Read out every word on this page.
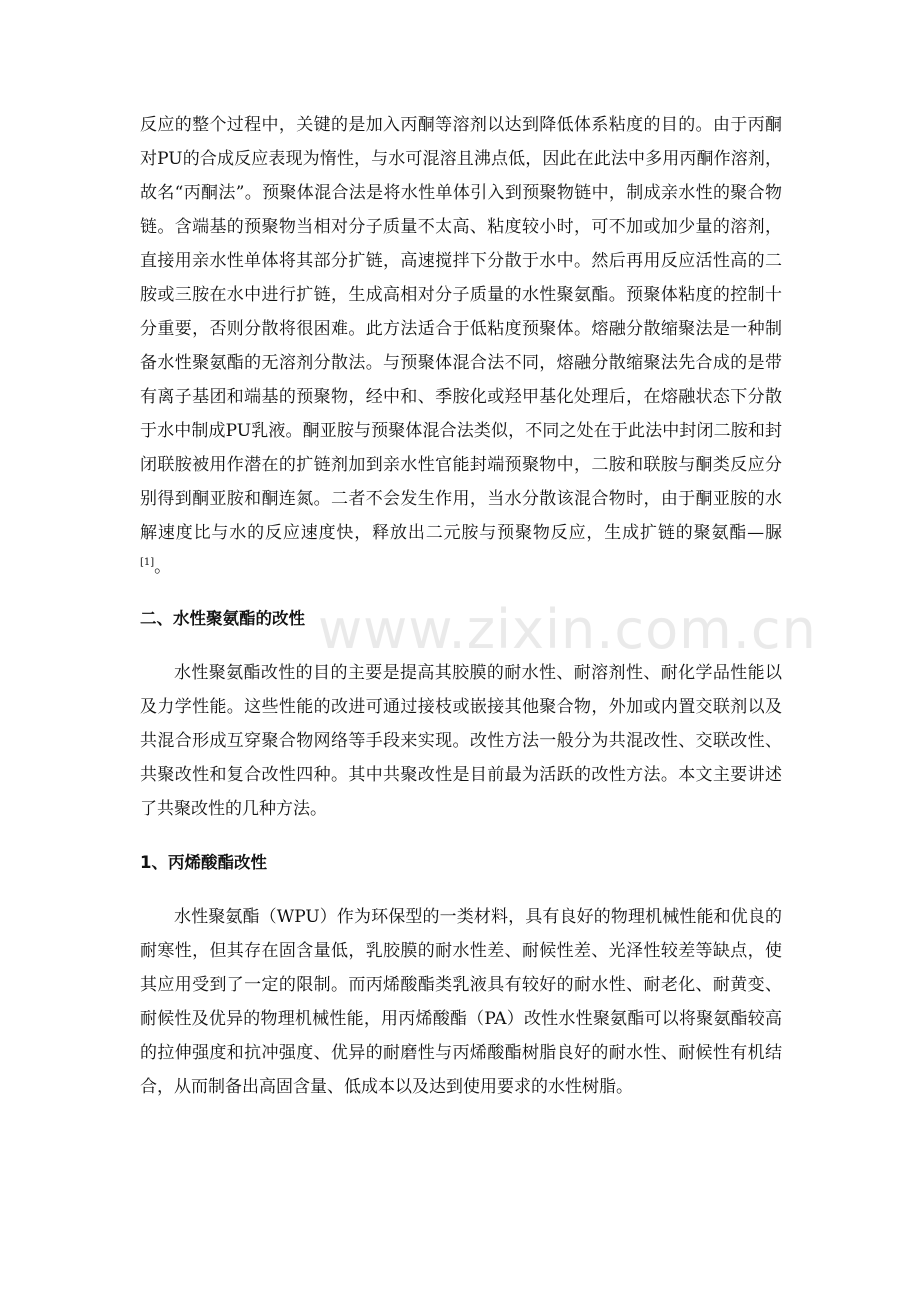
反应的整个过程中，关键的是加入丙酮等溶剂以达到降低体系粘度的目的。由于丙酮对PU的合成反应表现为惰性，与水可混溶且沸点低，因此在此法中多用丙酮作溶剂，故名“丙酮法”。预聚体混合法是将水性单体引入到预聚物链中，制成亲水性的聚合物链。含端基的预聚物当相对分子质量不太高、粘度较小时，可不加或加少量的溶剂，直接用亲水性单体将其部分扩链，高速搅拌下分散于水中。然后再用反应活性高的二胺或三胺在水中进行扩链，生成高相对分子质量的水性聚氨酯。预聚体粘度的控制十分重要，否则分散将很困难。此方法适合于低粘度预聚体。熔融分散缩聚法是一种制备水性聚氨酯的无溶剂分散法。与预聚体混合法不同，熔融分散缩聚法先合成的是带有离子基团和端基的预聚物，经中和、季胺化或羟甲基化处理后，在熔融状态下分散于水中制成PU乳液。酮亚胺与预聚体混合法类似，不同之处在于此法中封闭二胺和封闭联胺被用作潜在的扩链剂加到亲水性官能封端预聚物中，二胺和联胺与酮类反应分别得到酮亚胺和酮连氮。二者不会发生作用，当水分散该混合物时，由于酮亚胺的水解速度比与水的反应速度快，释放出二元胺与预聚物反应，生成扩链的聚氨酯—脲[1]。

二、水性聚氨酯的改性

水性聚氨酯改性的目的主要是提高其胶膜的耐水性、耐溶剂性、耐化学品性能以及力学性能。这些性能的改进可通过接枝或嵌接其他聚合物，外加或内置交联剂以及共混合形成互穿聚合物网络等手段来实现。改性方法一般分为共混改性、交联改性、共聚改性和复合改性四种。其中共聚改性是目前最为活跃的改性方法。本文主要讲述了共聚改性的几种方法。

1、丙烯酸酯改性

水性聚氨酯（WPU）作为环保型的一类材料，具有良好的物理机械性能和优良的耐寒性，但其存在固含量低，乳胶膜的耐水性差、耐候性差、光泽性较差等缺点，使其应用受到了一定的限制。而丙烯酸酯类乳液具有较好的耐水性、耐老化、耐黄变、耐候性及优异的物理机械性能，用丙烯酸酯（PA）改性水性聚氨酯可以将聚氨酯较高的拉伸强度和抗冲强度、优异的耐磨性与丙烯酸酯树脂良好的耐水性、耐候性有机结合，从而制备出高固含量、低成本以及达到使用要求的水性树脂。

www.zixin.com.cn
